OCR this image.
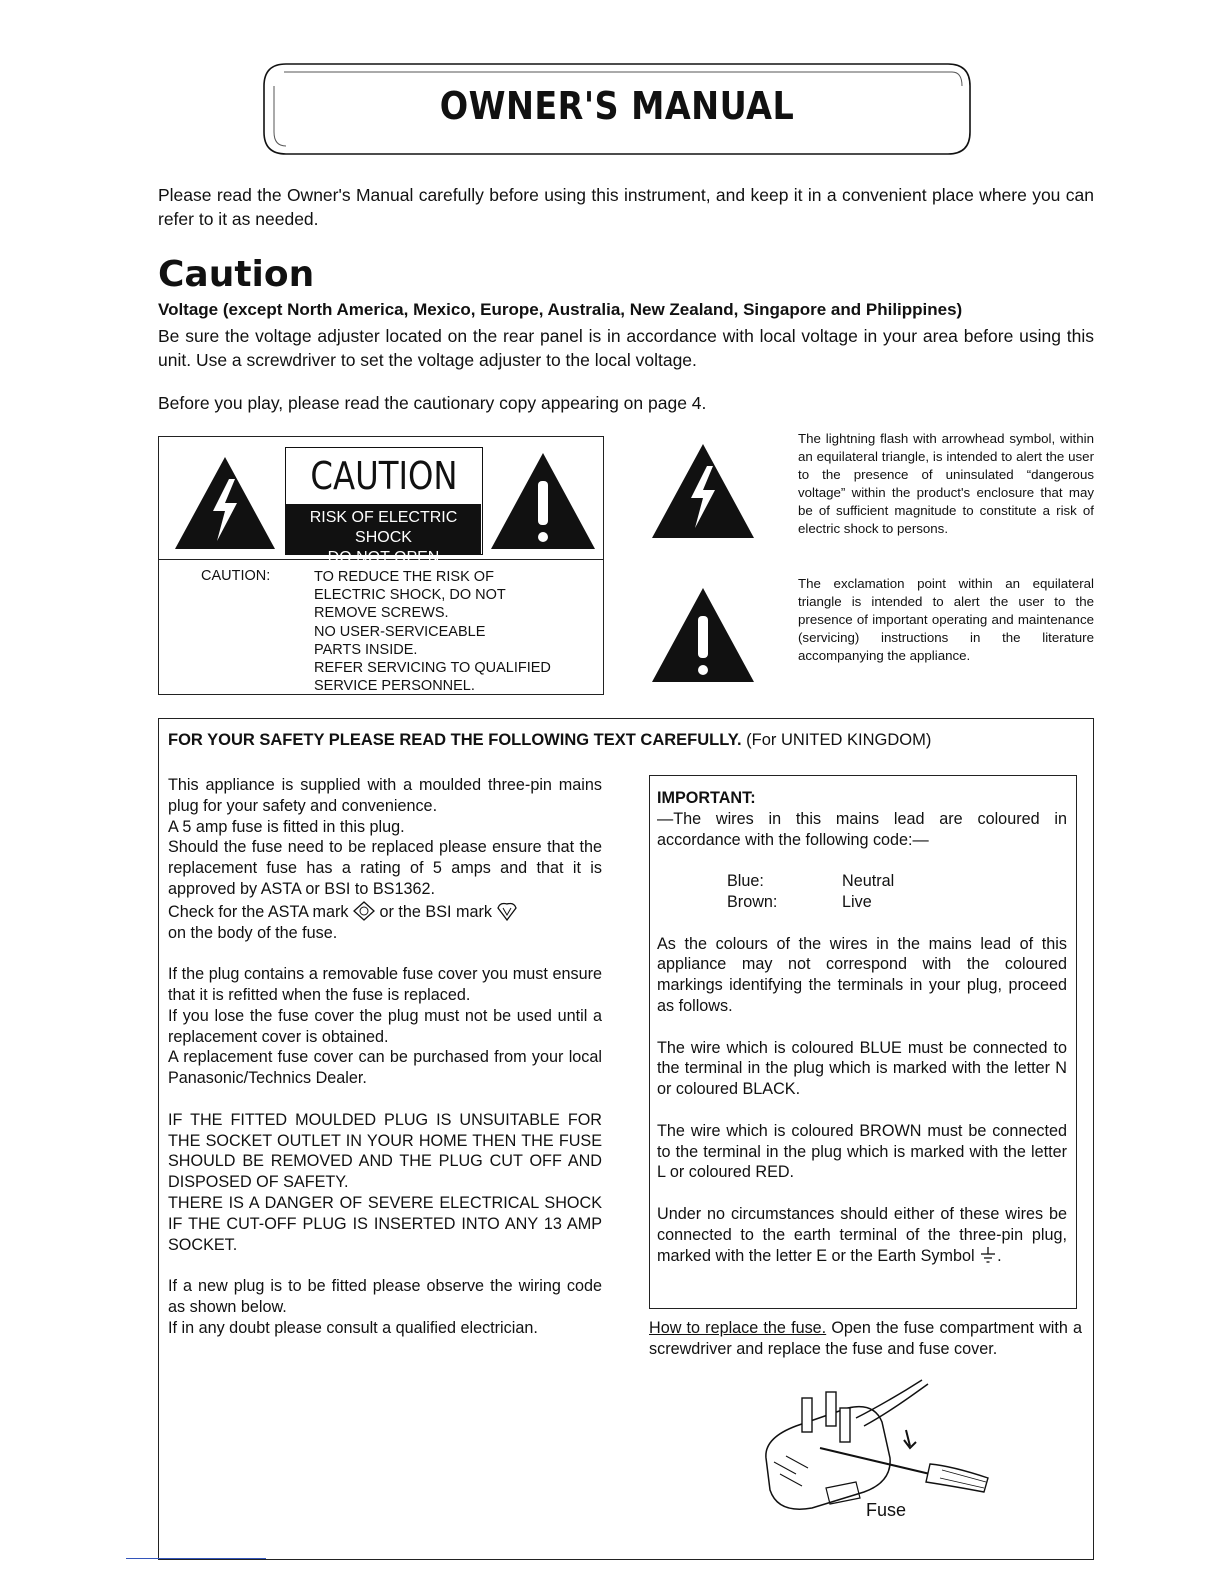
OWNER'S MANUAL
Please read the Owner's Manual carefully before using this instrument, and keep it in a convenient place where you can refer to it as needed.
Caution
Voltage (except North America, Mexico, Europe, Australia, New Zealand, Singapore and Philippines)
Be sure the voltage adjuster located on the rear panel is in accordance with local voltage in your area before using this unit. Use a screwdriver to set the voltage adjuster to the local voltage.
Before you play, please read the cautionary copy appearing on page 4.
CAUTION
RISK OF ELECTRIC SHOCK
DO NOT OPEN
CAUTION:	TO REDUCE THE RISK OF
ELECTRIC SHOCK, DO NOT
REMOVE SCREWS.
NO USER-SERVICEABLE
PARTS INSIDE.
REFER SERVICING TO QUALIFIED
SERVICE PERSONNEL.
The lightning flash with arrowhead symbol, within an equilateral triangle, is intended to alert the user to the presence of uninsulated “dangerous voltage” within the product's enclosure that may be of sufficient magnitude to constitute a risk of electric shock to persons.
The exclamation point within an equilateral triangle is intended to alert the user to the presence of important operating and maintenance (servicing) instructions in the literature accompanying the appliance.
FOR YOUR SAFETY PLEASE READ THE FOLLOWING TEXT CAREFULLY. (For UNITED KINGDOM)

This appliance is supplied with a moulded three-pin mains plug for your safety and convenience.
A 5 amp fuse is fitted in this plug.
Should the fuse need to be replaced please ensure that the replacement fuse has a rating of 5 amps and that it is approved by ASTA or BSI to BS1362.
Check for the ASTA mark or the BSI mark
on the body of the fuse.

If the plug contains a removable fuse cover you must ensure that it is refitted when the fuse is replaced.
If you lose the fuse cover the plug must not be used until a replacement cover is obtained.
A replacement fuse cover can be purchased from your local Panasonic/Technics Dealer.

IF THE FITTED MOULDED PLUG IS UNSUITABLE FOR THE SOCKET OUTLET IN YOUR HOME THEN THE FUSE SHOULD BE REMOVED AND THE PLUG CUT OFF AND DISPOSED OF SAFETY.
THERE IS A DANGER OF SEVERE ELECTRICAL SHOCK IF THE CUT-OFF PLUG IS INSERTED INTO ANY 13 AMP SOCKET.

If a new plug is to be fitted please observe the wiring code as shown below.
If in any doubt please consult a qualified electrician.

IMPORTANT:

—The wires in this mains lead are coloured in accordance with the following code:—

Blue:	Neutral
Brown:	Live

As the colours of the wires in the mains lead of this appliance may not correspond with the coloured markings identifying the terminals in your plug, proceed as follows.

The wire which is coloured BLUE must be connected to the terminal in the plug which is marked with the letter N or coloured BLACK.

The wire which is coloured BROWN must be connected to the terminal in the plug which is marked with the letter L or coloured RED.

Under no circumstances should either of these wires be connected to the earth terminal of the three-pin plug, marked with the letter E or the Earth Symbol .

How to replace the fuse. Open the fuse compartment with a screwdriver and replace the fuse and fuse cover.
Fuse
